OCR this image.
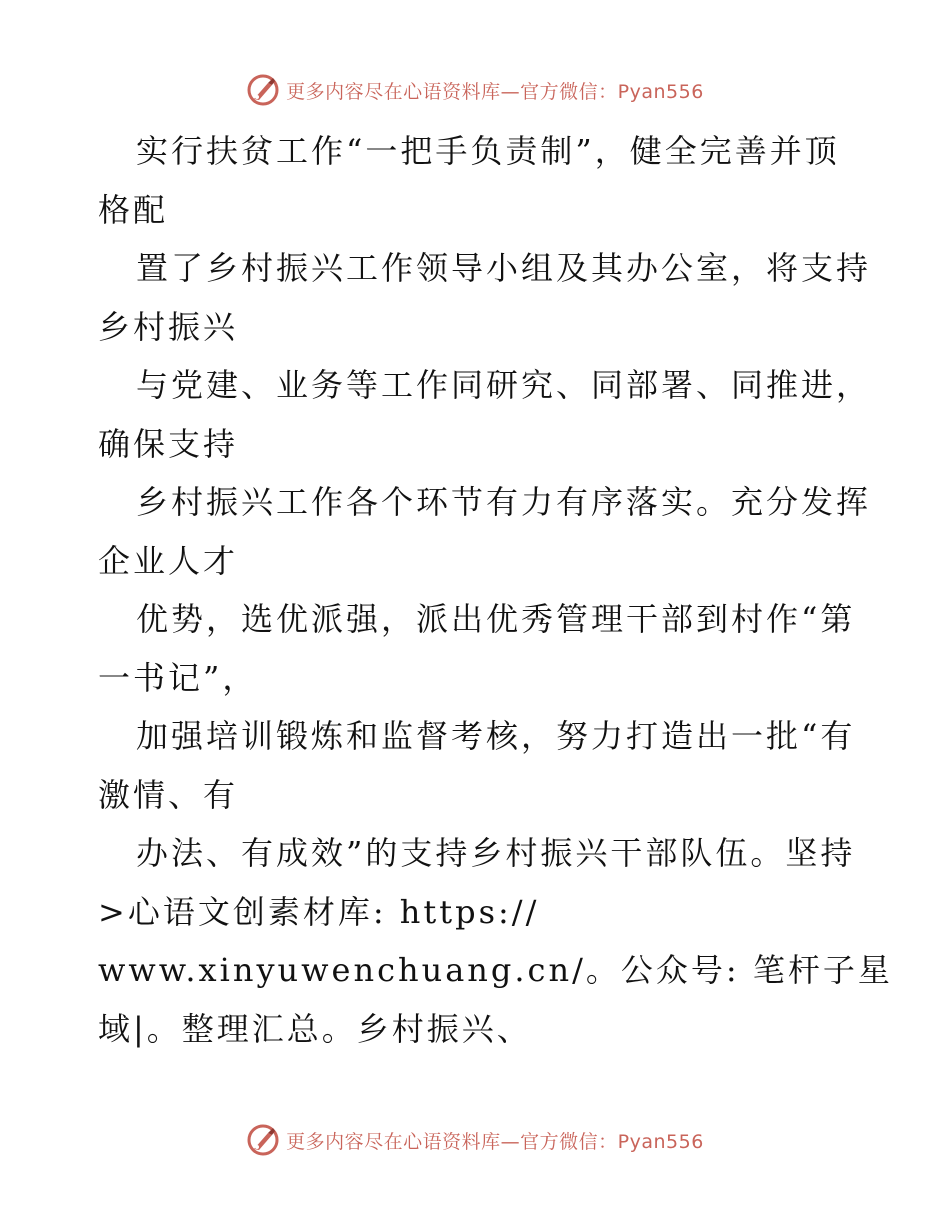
更多内容尽在心语资料库—官方微信：Pyan556
实行扶贫工作“一把手负责制”，健全完善并顶
格配
置了乡村振兴工作领导小组及其办公室，将支持
乡村振兴
与党建、业务等工作同研究、同部署、同推进，
确保支持
乡村振兴工作各个环节有力有序落实。充分发挥
企业人才
优势，选优派强，派出优秀管理干部到村作“第
一书记”，
加强培训锻炼和监督考核，努力打造出一批“有
激情、有
办法、有成效”的支持乡村振兴干部队伍。坚持
>心语文创素材库: https://
www.xinyuwenchuang.cn/。公众号: 笔杆子星
域|。整理汇总。乡村振兴、
更多内容尽在心语资料库—官方微信：Pyan556
